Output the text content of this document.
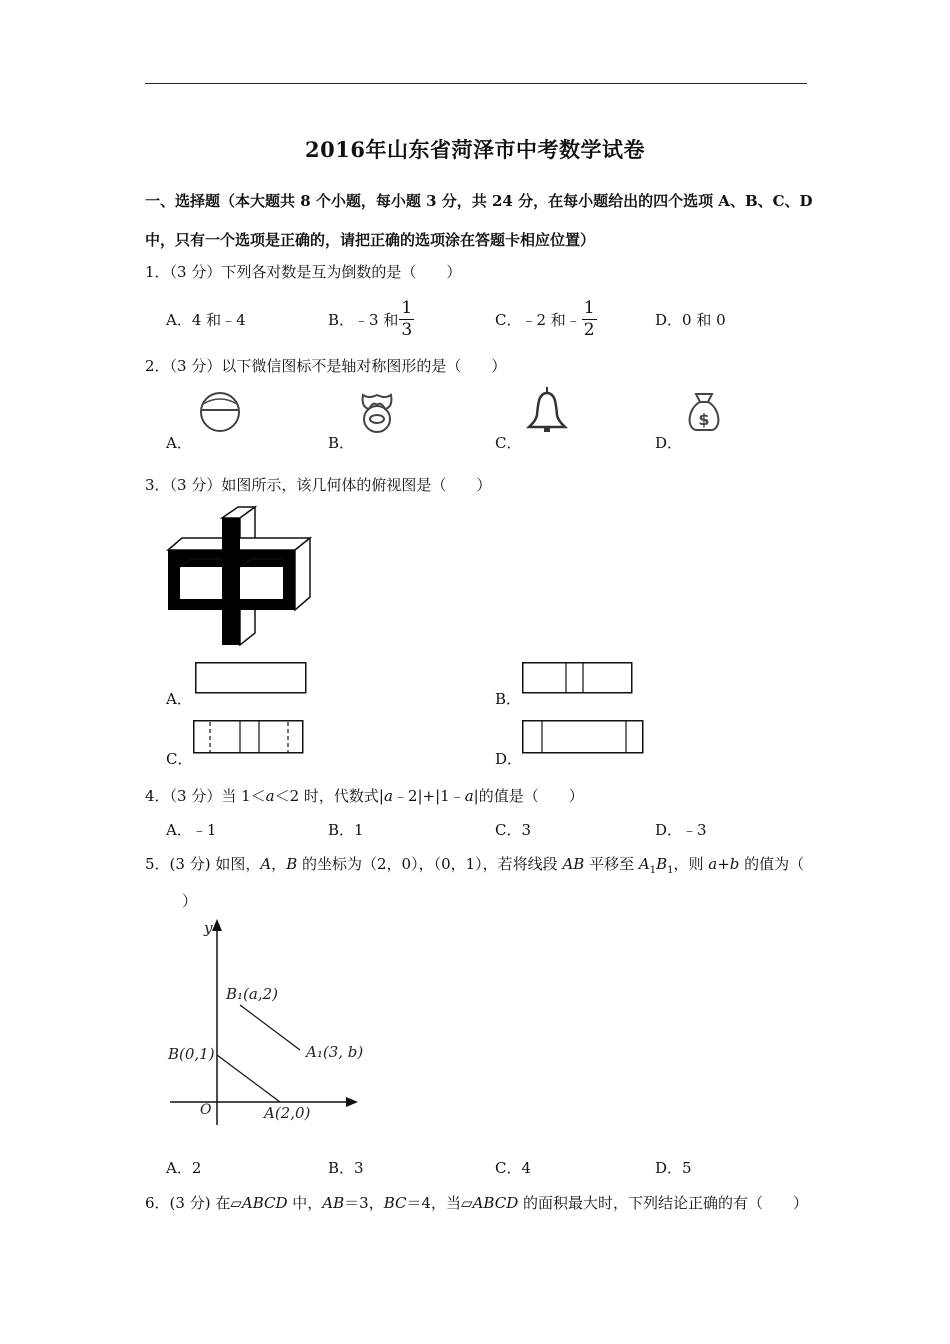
2016年山东省菏泽市中考数学试卷
一、选择题（本大题共 8 个小题，每小题 3 分，共 24 分，在每小题给出的四个选项 A、B、C、D
中，只有一个选项是正确的，请把正确的选项涂在答题卡相应位置）
1．（3 分）下列各对数是互为倒数的是（　　）
A．4 和﹣4	B．﹣3 和 $\frac{1}{3}$	C．﹣2 和﹣ $\frac{1}{2}$	D．0 和 0
2．（3 分）以下微信图标不是轴对称图形的是（　　）
A．	B．	C．
$
D．
3．（3 分）如图所示，该几何体的俯视图是（　　）
A．	B．
C．	D．
4．（3 分）当 1＜a＜2 时，代数式|a﹣2|+|1﹣a|的值是（　　）
A．﹣1	B．1	C．3	D．﹣3
5．(3 分) 如图，A，B 的坐标为（2，0），（0，1），若将线段 AB 平移至 $A_1B_1$，则 a+b 的值为（
）
y
O
B₁(a,2)
A₁(3, b)
B(0,1)
A(2,0)
A．2	B．3	C．4	D．5
6．(3 分) 在▱ABCD 中，AB＝3，BC＝4，当▱ABCD 的面积最大时，下列结论正确的有（　　）
